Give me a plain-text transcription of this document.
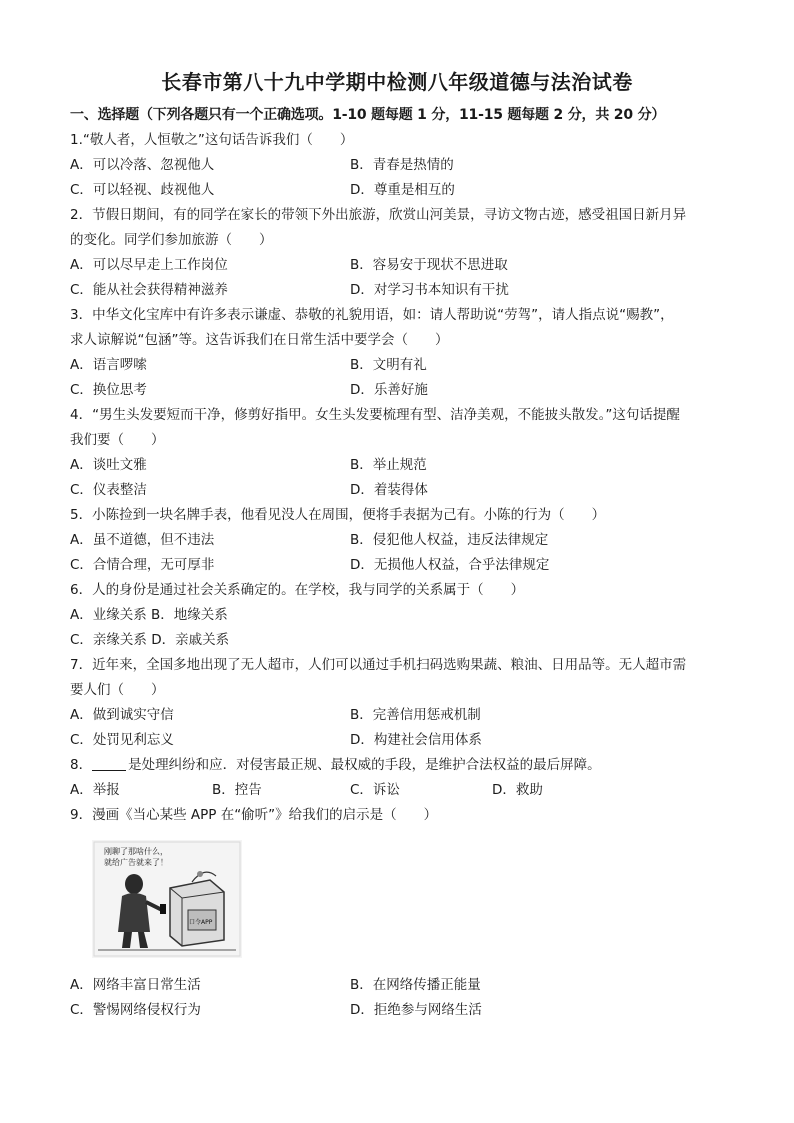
长春市第八十九中学期中检测八年级道德与法治试卷
一、选择题（下列各题只有一个正确选项。1-10 题每题 1 分，11-15 题每题 2 分，共 20 分）
1.“敬人者，人恒敬之”这句话告诉我们（　　）
A．可以冷落、忽视他人	B．青春是热情的
C．可以轻视、歧视他人	D．尊重是相互的
2．节假日期间，有的同学在家长的带领下外出旅游，欣赏山河美景，寻访文物古迹，感受祖国日新月异
的变化。同学们参加旅游（　　）
A．可以尽早走上工作岗位	B．容易安于现状不思进取
C．能从社会获得精神滋养	D．对学习书本知识有干扰
3．中华文化宝库中有许多表示谦虚、恭敬的礼貌用语，如：请人帮助说“劳驾”，请人指点说“赐教”，
求人谅解说“包涵”等。这告诉我们在日常生活中要学会（　　）
A．语言啰嗦	B．文明有礼
C．换位思考	D．乐善好施
4．“男生头发要短而干净，修剪好指甲。女生头发要梳理有型、洁净美观，不能披头散发。”这句话提醒
我们要（　　）
A．谈吐文雅	B．举止规范
C．仪表整洁	D．着装得体
5．小陈捡到一块名牌手表，他看见没人在周围，便将手表据为己有。小陈的行为（　　）
A．虽不道德，但不违法	B．侵犯他人权益，违反法律规定
C．合情合理，无可厚非	D．无损他人权益，合乎法律规定
6．人的身份是通过社会关系确定的。在学校，我与同学的关系属于（　　）
A．业缘关系 B．地缘关系
C．亲缘关系 D．亲戚关系
7．近年来，全国多地出现了无人超市，人们可以通过手机扫码选购果蔬、粮油、日用品等。无人超市需
要人们（　　）
A．做到诚实守信	B．完善信用惩戒机制
C．处罚见利忘义	D．构建社会信用体系
8．	是处理纠纷和应．对侵害最正规、最权威的手段，是维护合法权益的最后屏障。
A．举报	B．控告	C．诉讼	D．救助
9．漫画《当心某些 APP 在“偷听”》给我们的启示是（　　）
刚聊了那啥什么，
就给广告就来了！
口令APP
A．网络丰富日常生活	B．在网络传播正能量
C．警惕网络侵权行为	D．拒绝参与网络生活
